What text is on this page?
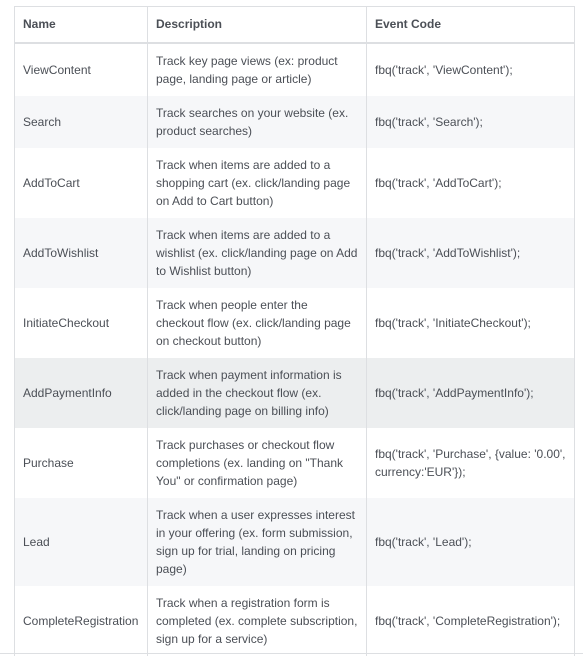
Name	Description	Event Code
ViewContent	Track key page views (ex: product page, landing page or article)	fbq('track', 'ViewContent');
Search	Track searches on your website (ex. product searches)	fbq('track', 'Search');
AddToCart	Track when items are added to a shopping cart (ex. click/landing page on Add to Cart button)	fbq('track', 'AddToCart');
AddToWishlist	Track when items are added to a wishlist (ex. click/landing page on Add to Wishlist button)	fbq('track', 'AddToWishlist');
InitiateCheckout	Track when people enter the checkout flow (ex. click/landing page on checkout button)	fbq('track', 'InitiateCheckout');
AddPaymentInfo	Track when payment information is added in the checkout flow (ex. click/landing page on billing info)	fbq('track', 'AddPaymentInfo');
Purchase	Track purchases or checkout flow completions (ex. landing on "Thank You" or confirmation page)	fbq('track', 'Purchase', {value: '0.00', currency:'EUR'});
Lead	Track when a user expresses interest in your offering (ex. form submission, sign up for trial, landing on pricing page)	fbq('track', 'Lead');
CompleteRegistration	Track when a registration form is completed (ex. complete subscription, sign up for a service)	fbq('track', 'CompleteRegistration');
